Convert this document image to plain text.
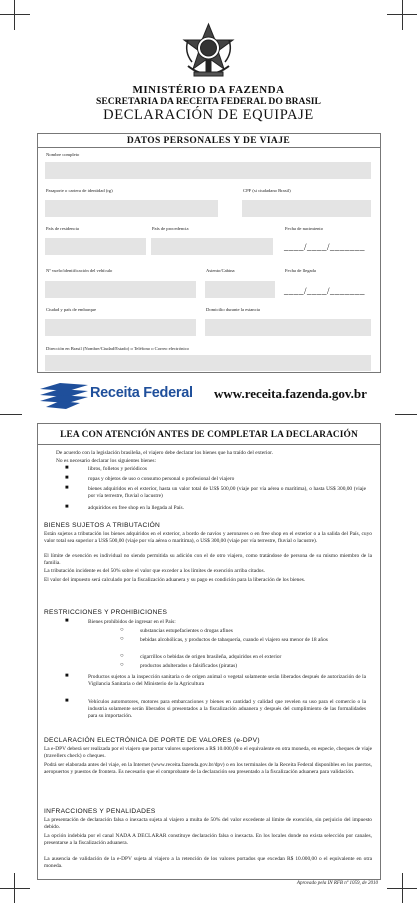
MINISTÉRIO DA FAZENDA
SECRETARIA DA RECEITA FEDERAL DO BRASIL
DECLARACIÓN DE EQUIPAJE
DATOS PERSONALES Y DE VIAJE
Nombre completo
Pasaporte o cartera de identidad (rg)	CPF (si ciudadano Brasil)
País de residencia	País de procedencia	Fecha de nacimiento
____/____/_______
Nº vuelo/identificación del vehículo	Asiento/Cabina	Fecha de llegada
____/____/_______
Ciudad y país de embarque	Domicilio durante la estancia
Dirección en Brasil (Nombre/Ciudad/Estado) o Teléfono o Correo electrónico
Receita Federal www.receita.fazenda.gov.br
LEA CON ATENCIÓN ANTES DE COMPLETAR LA DECLARACIÓN
De acuerdo con la legislación brasileña, el viajero debe declarar los bienes que ha traído del exterior.
No es necesario declarar los siguientes bienes:
■	libros, folletos y periódicos
■	ropas y objetos de uso o consumo personal o profesional del viajero
■	bienes adquiridos en el exterior, hasta un valor total de US$ 500,00 (viaje por vía aérea o marítima), o hasta US$ 300,00 (viaje por vía terrestre, fluvial o lacustre)
■	adquiridos en free shop en la llegada al País.
BIENES SUJETOS A TRIBUTACIÓN
Están sujetos a tributación los bienes adquiridos en el exterior, a bordo de navíos y aeronaves o en free shop en el exterior o a la salida del País, cuyo valor total sea superior a US$ 500,00 (viaje por vía aérea o marítima), o US$ 300,00 (viaje por vía terrestre, fluvial o lacustre).
El límite de exención es individual no siendo permitida su adición con el de otro viajero, como tratándose de persona de su mismo miembro de la familia.
La tributación incidente es del 50% sobre el valor que exceder a los límites de exención arriba citados.
El valor del impuesto será calculado por la fiscalización aduanera y su pago es condición para la liberación de los bienes.
RESTRICCIONES Y PROHIBICIONES
■	Bienes prohibidos de ingresar en el País:
○	substancias estupefacientes o drogas afines
○	bebidas alcohólicas, y productos de tabaquería, cuando el viajero sea menor de 18 años
○	cigarrillos o bebidas de origen brasileña, adquiridos en el exterior
○	productos adulterados o falsificados (piratas)
■	Productos sujetos a la inspección sanitaria o de origen animal o vegetal solamente serán liberados después de autorización de la Vigilancia Sanitaria o del Ministerio de la Agricultura
■	Vehículos automotores, motores para embarcaciones y bienes en cantidad y calidad que revelen su uso para el comercio o la industria solamente serán liberados si presentados a la fiscalización aduanera y después del cumplimiento de las formalidades para su importación.
DECLARACIÓN ELECTRÓNICA DE PORTE DE VALORES (e-DPV)
La e-DPV deberá ser realizada por el viajero que portar valores superiores a R$ 10.000,00 o el equivalente en otra moneda, en especie, cheques de viaje (travellers check) o cheques.
Podrá ser elaborada antes del viaje, en la Internet (www.receita.fazenda.gov.br/dpv) o en los terminales de la Receita Federal disponibles en los puertos, aeropuertos y puestos de frontera. Es necesario que el comprobante de la declaración sea presentado a la fiscalización aduanera para validación.
INFRACCIONES Y PENALIDADES
La presentación de declaración falsa o inexacta sujeta al viajero a multa de 50% del valor excedente al límite de exención, sin perjuicio del impuesto debido.
La opción indebida por el canal NADA A DECLARAR constituye declaración falsa o inexacta. En los locales donde no exista selección por canales, presentarse a la fiscalización aduanera.
La ausencia de validación de la e-DPV sujeta al viajero a la retención de los valores portados que excedan R$ 10.000,00 o el equivalente en otra moneda.
Aprovado pela IN RFB nº 1059, de 2010
